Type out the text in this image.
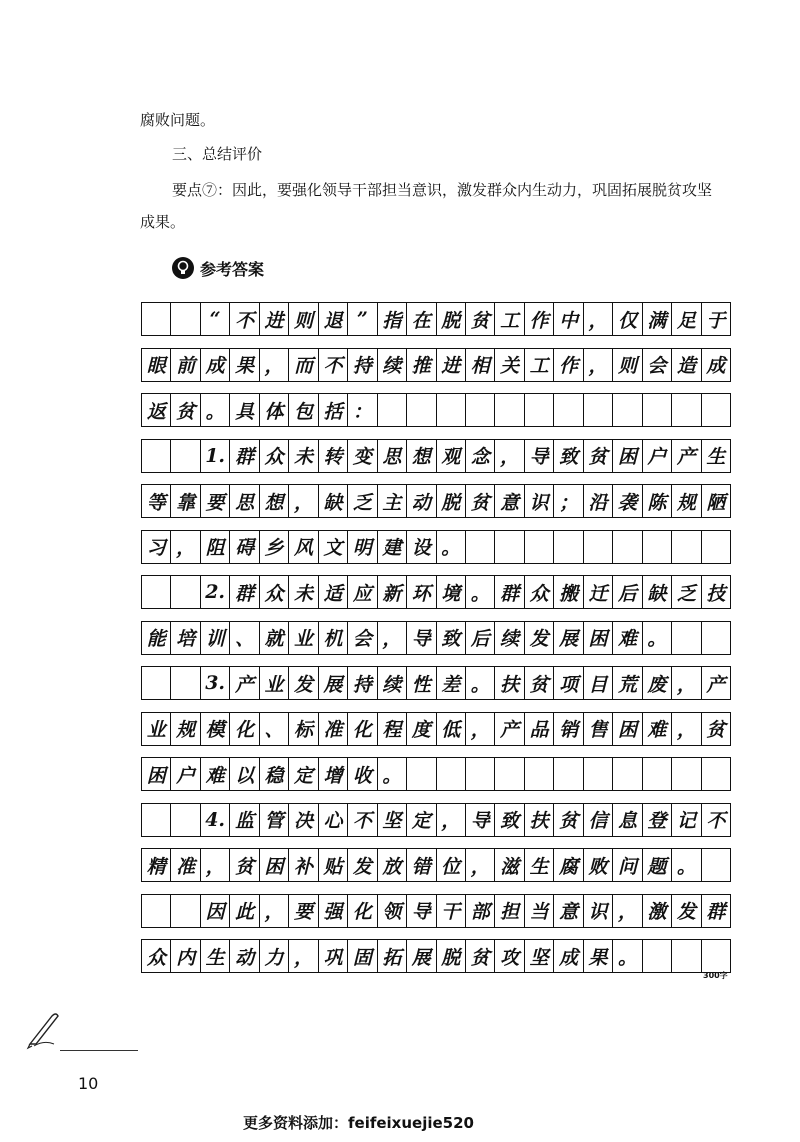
腐败问题。
三、总结评价
要点⑦：因此，要强化领导干部担当意识，激发群众内生动力，巩固拓展脱贫攻坚
成果。
参考答案
“ 不 进 则 退 ” 指 在 脱 贫 工 作 中 ， 仅 满 足 于
眼 前 成 果 ， 而 不 持 续 推 进 相 关 工 作 ， 则 会 造 成
返 贫 。 具 体 包 括 ：
1. 群 众 未 转 变 思 想 观 念 ， 导 致 贫 困 户 产 生
等 靠 要 思 想 ， 缺 乏 主 动 脱 贫 意 识 ； 沿 袭 陈 规 陋
习 ， 阻 碍 乡 风 文 明 建 设 。
2. 群 众 未 适 应 新 环 境 。 群 众 搬 迁 后 缺 乏 技
能 培 训 、 就 业 机 会 ， 导 致 后 续 发 展 困 难 。
3. 产 业 发 展 持 续 性 差 。 扶 贫 项 目 荒 废 ， 产
业 规 模 化 、 标 准 化 程 度 低 ， 产 品 销 售 困 难 ， 贫
困 户 难 以 稳 定 增 收 。
4. 监 管 决 心 不 坚 定 ， 导 致 扶 贫 信 息 登 记 不
精 准 ， 贫 困 补 贴 发 放 错 位 ， 滋 生 腐 败 问 题 。
因 此 ， 要 强 化 领 导 干 部 担 当 意 识 ， 激 发 群
众 内 生 动 力 ， 巩 固 拓 展 脱 贫 攻 坚 成 果 。
300字
10
更多资料添加：feifeixuejie520
